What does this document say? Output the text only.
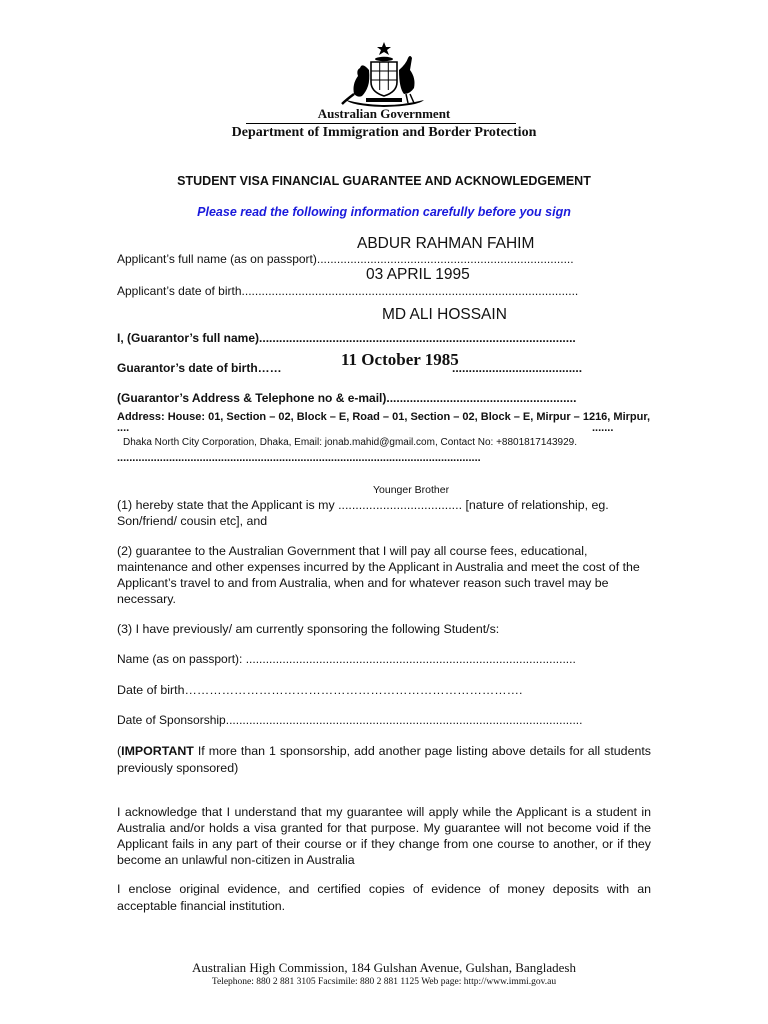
Australian Government
Department of Immigration and Border Protection
STUDENT VISA FINANCIAL GUARANTEE AND ACKNOWLEDGEMENT
Please read the following information carefully before you sign
ABDUR RAHMAN FAHIM
Applicant’s full name (as on passport).............................................................................
03 APRIL 1995
Applicant’s date of birth.....................................................................................................
MD ALI HOSSAIN
I, (Guarantor’s full name)...............................................................................................
Guarantor’s date of birth……	11 October 1985
.......................................
(Guarantor’s Address & Telephone no & e-mail).........................................................
Address: House: 01, Section – 02, Block – E, Road – 01, Section – 02, Block – E, Mirpur – 1216, Mirpur,
....	.......
Dhaka North City Corporation, Dhaka, Email: jonab.mahid@gmail.com, Contact No: +8801817143929.
.......................................................................................................................
Younger Brother
(1) hereby state that the Applicant is my .................................... [nature of relationship, eg. Son/friend/ cousin etc], and
(2) guarantee to the Australian Government that I will pay all course fees, educational, maintenance and other expenses incurred by the Applicant in Australia and meet the cost of the Applicant’s travel to and from Australia, when and for whatever reason such travel may be necessary.
(3) I have previously/ am currently sponsoring the following Student/s:
Name (as on passport): ...................................................................................................
Date of birth……………………………………………………………………….
Date of Sponsorship...........................................................................................................
(IMPORTANT If more than 1 sponsorship, add another page listing above details for all students previously sponsored)
I acknowledge that I understand that my guarantee will apply while the Applicant is a student in Australia and/or holds a visa granted for that purpose. My guarantee will not become void if the Applicant fails in any part of their course or if they change from one course to another, or if they become an unlawful non-citizen in Australia
I enclose original evidence, and certified copies of evidence of money deposits with an acceptable financial institution.
Australian High Commission, 184 Gulshan Avenue, Gulshan, Bangladesh
Telephone: 880 2 881 3105 Facsimile: 880 2 881 1125 Web page: http://www.immi.gov.au
